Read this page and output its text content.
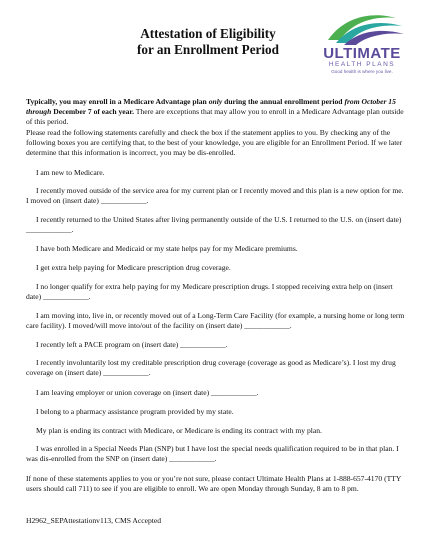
Attestation of Eligibility
for an Enrollment Period	ULTIMATE
HEALTH PLANS
Good health is where you live.

Typically, you may enroll in a Medicare Advantage plan only during the annual enrollment period from October 15 through December 7 of each year. There are exceptions that may allow you to enroll in a Medicare Advantage plan outside of this period.

Please read the following statements carefully and check the box if the statement applies to you. By checking any of the following boxes you are certifying that, to the best of your knowledge, you are eligible for an Enrollment Period. If we later determine that this information is incorrect, you may be dis-enrolled.

I am new to Medicare.

I recently moved outside of the service area for my current plan or I recently moved and this plan is a new option for me. I moved on (insert date) ____________.

I recently returned to the United States after living permanently outside of the U.S. I returned to the U.S. on (insert date) ____________.

I have both Medicare and Medicaid or my state helps pay for my Medicare premiums.

I get extra help paying for Medicare prescription drug coverage.

I no longer qualify for extra help paying for my Medicare prescription drugs. I stopped receiving extra help on (insert date) ____________.

I am moving into, live in, or recently moved out of a Long-Term Care Facility (for example, a nursing home or long term care facility). I moved/will move into/out of the facility on (insert date) ____________.

I recently left a PACE program on (insert date) ____________.

I recently involuntarily lost my creditable prescription drug coverage (coverage as good as Medicare’s). I lost my drug coverage on (insert date) ____________.

I am leaving employer or union coverage on (insert date) ____________.

I belong to a pharmacy assistance program provided by my state.

My plan is ending its contract with Medicare, or Medicare is ending its contract with my plan.

I was enrolled in a Special Needs Plan (SNP) but I have lost the special needs qualification required to be in that plan. I was dis-enrolled from the SNP on (insert date) ____________.

If none of these statements applies to you or you’re not sure, please contact Ultimate Health Plans at 1-888-657-4170 (TTY users should call 711) to see if you are eligible to enroll. We are open Monday through Sunday, 8 am to 8 pm.

H2962_SEPAttestationv113, CMS Accepted
